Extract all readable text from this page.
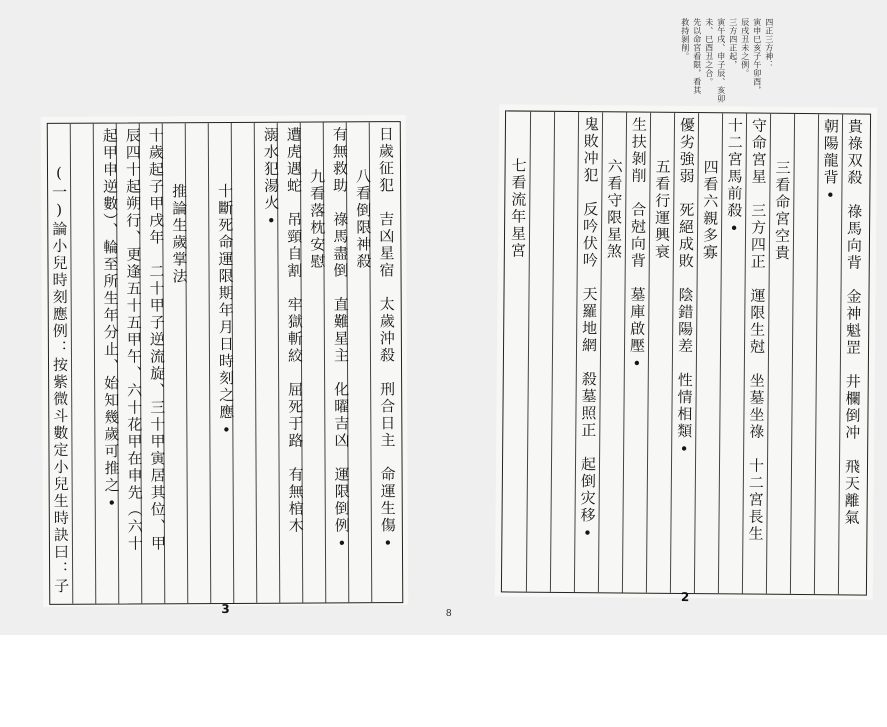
日歲征犯　吉凶星宿　太歲沖殺　刑合日主　命運生傷•
八看倒限神殺
有無救助　祿馬盡倒　直難星主　化曜吉凶　運限倒例•
九看落枕安慰
遭虎遇蛇　吊頸自割　牢獄斬絞　屈死于路　有無棺木
溺水犯湯火•
十斷死命運限期年月日時刻之應•
推論生歲掌法
十歲起子甲戌年　二十甲子逆流旋、三十甲寅居其位、甲
辰四十起朔行、更逢五十五甲午、六十花甲在申先（六十
起甲申逆數）、輪至所生年分止、始知幾歲可推之•
(一)論小兒時刻應例：按紫微斗數定小兒生時訣曰：子
3
貴祿双殺　祿馬向背　金神魁罡　井欄倒冲　飛天離氣
朝陽龍背•
三看命宮空貴
守命宮星　三方四正　運限生尅　坐墓坐祿　十二宮長生
十二宮馬前殺•
四看六親多寡
優劣強弱　死絕成敗　陰錯陽差　性情相類•
五看行運興衰
生扶剝削　合尅向背　墓庫啟壓•
六看守限星煞
鬼敗冲犯　反吟伏吟　天羅地網　殺墓照正　起倒灾移•
七看流年星宮
2
四正三方神：
寅申巳亥子午卯酉，
辰戌丑未之例。
三方四正起，
寅午戌、申子辰、亥卯
未、巳酉丑之合。
先以命宮看限，看其
救持剝削。
8
